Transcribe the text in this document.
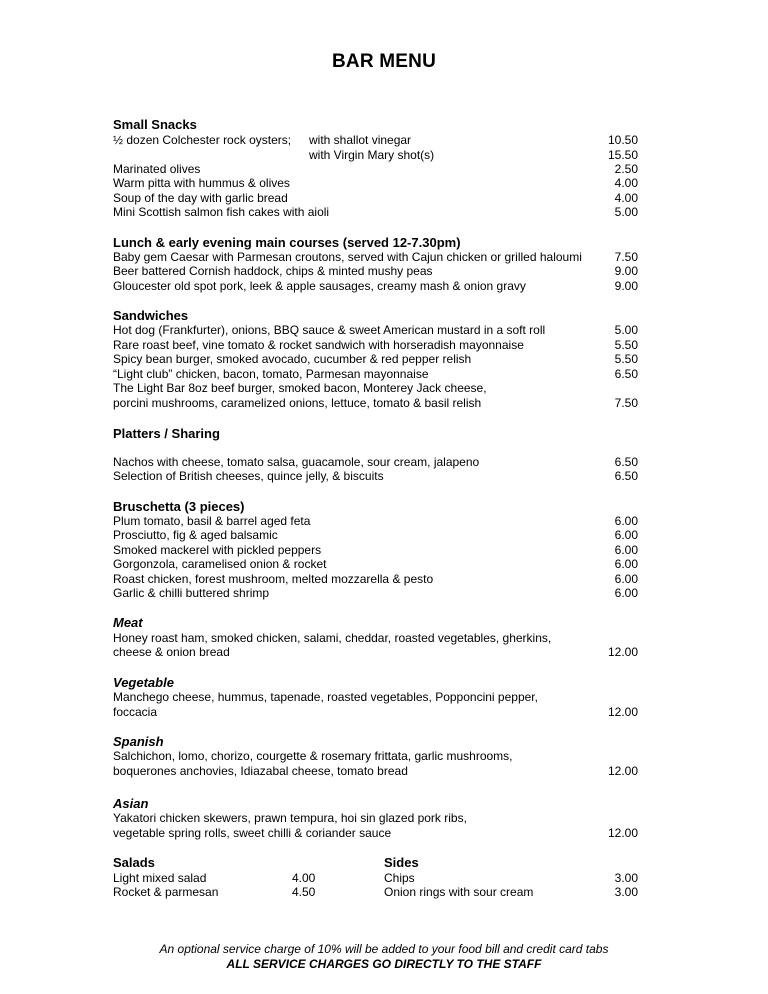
BAR MENU
Small Snacks
½ dozen Colchester rock oysters; with shallot vinegar	10.50
with Virgin Mary shot(s)	15.50
Marinated olives	2.50
Warm pitta with hummus & olives	4.00
Soup of the day with garlic bread	4.00
Mini Scottish salmon fish cakes with aioli	5.00
Lunch & early evening main courses (served 12-7.30pm)
Baby gem Caesar with Parmesan croutons, served with Cajun chicken or grilled haloumi	7.50
Beer battered Cornish haddock, chips & minted mushy peas	9.00
Gloucester old spot pork, leek & apple sausages, creamy mash & onion gravy	9.00
Sandwiches
Hot dog (Frankfurter), onions, BBQ sauce & sweet American mustard in a soft roll	5.00
Rare roast beef, vine tomato & rocket sandwich with horseradish mayonnaise	5.50
Spicy bean burger, smoked avocado, cucumber & red pepper relish	5.50
“Light club” chicken, bacon, tomato, Parmesan mayonnaise	6.50
The Light Bar 8oz beef burger, smoked bacon, Monterey Jack cheese,
porcini mushrooms, caramelized onions, lettuce, tomato & basil relish	7.50
Platters / Sharing
Nachos with cheese, tomato salsa, guacamole, sour cream, jalapeno	6.50
Selection of British cheeses, quince jelly, & biscuits	6.50
Bruschetta (3 pieces)
Plum tomato, basil & barrel aged feta	6.00
Prosciutto, fig & aged balsamic	6.00
Smoked mackerel with pickled peppers	6.00
Gorgonzola, caramelised onion & rocket	6.00
Roast chicken, forest mushroom, melted mozzarella & pesto	6.00
Garlic & chilli buttered shrimp	6.00
Meat
Honey roast ham, smoked chicken, salami, cheddar, roasted vegetables, gherkins,
cheese & onion bread	12.00
Vegetable
Manchego cheese, hummus, tapenade, roasted vegetables, Popponcini pepper,
foccacia	12.00
Spanish
Salchichon, lomo, chorizo, courgette & rosemary frittata, garlic mushrooms,
boquerones anchovies, Idiazabal cheese, tomato bread	12.00
Asian
Yakatori chicken skewers, prawn tempura, hoi sin glazed pork ribs,
vegetable spring rolls, sweet chilli & coriander sauce	12.00
Salads	Sides
Light mixed salad	4.00
Rocket & parmesan	4.50
Chips	3.00
Onion rings with sour cream	3.00
An optional service charge of 10% will be added to your food bill and credit card tabs
ALL SERVICE CHARGES GO DIRECTLY TO THE STAFF
